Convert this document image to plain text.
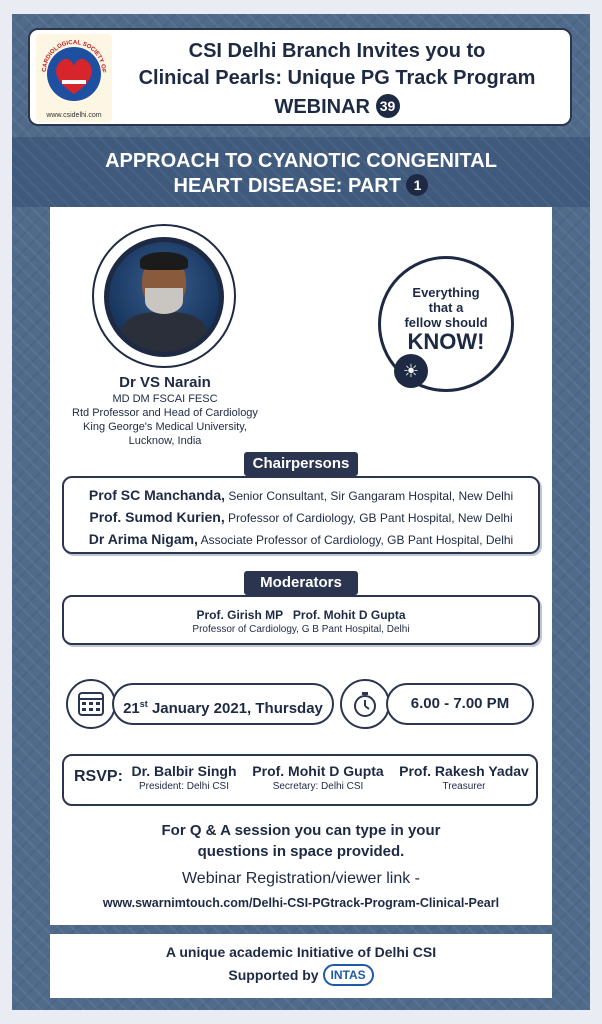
CARDIOLOGICAL SOCIETY OF
www.csidelhi.com
CSI Delhi Branch Invites you to
Clinical Pearls: Unique PG Track Program
WEBINAR 39
APPROACH TO CYANOTIC CONGENITAL
HEART DISEASE: PART 1
Dr VS Narain
MD DM FSCAI FESC
Rtd Professor and Head of Cardiology
King George's Medical University,
Lucknow, India
Everything
that a
fellow should
KNOW!
☀
Chairpersons
Prof SC Manchanda, Senior Consultant, Sir Gangaram Hospital, New Delhi
Prof. Sumod Kurien, Professor of Cardiology, GB Pant Hospital, New Delhi
Dr Arima Nigam, Associate Professor of Cardiology, GB Pant Hospital, Delhi
Moderators
Prof. Girish MP   Prof. Mohit D Gupta
Professor of Cardiology, G B Pant Hospital, Delhi
21st January 2021, Thursday	6.00 - 7.00 PM
RSVP: Dr. Balbir Singh
President: Delhi CSI
Prof. Mohit D Gupta
Secretary: Delhi CSI
Prof. Rakesh Yadav
Treasurer
For Q & A session you can type in your
questions in space provided.
Webinar Registration/viewer link -
www.swarnimtouch.com/Delhi-CSI-PGtrack-Program-Clinical-Pearl
A unique academic Initiative of Delhi CSI
Supported by INTAS
